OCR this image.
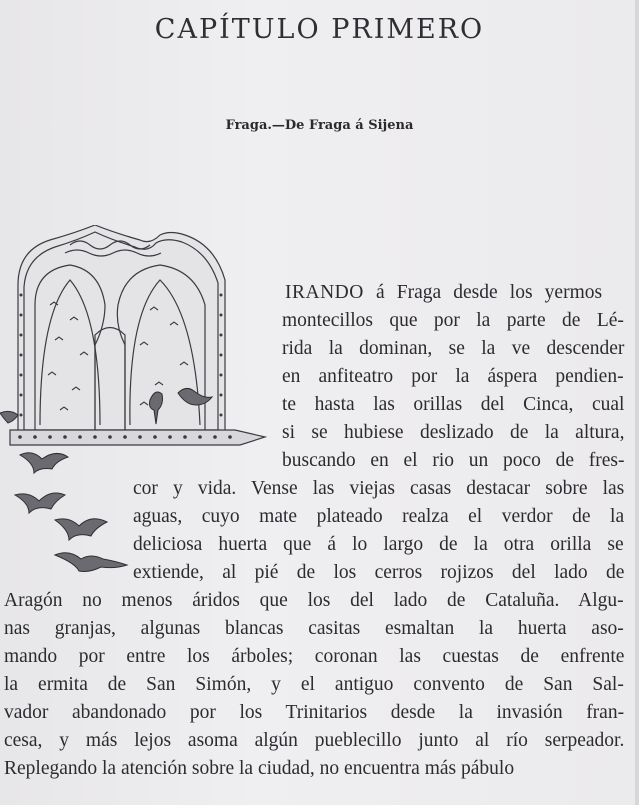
CAPÍTULO PRIMERO
Fraga.—De Fraga á Sijena
IRANDO á Fraga desde los yermos
montecillos que por la parte de Lé-
rida la dominan, se la ve descender
en anfiteatro por la áspera pendien-
te hasta las orillas del Cinca, cual
si se hubiese deslizado de la altura,
buscando en el rio un poco de fres-
cor y vida. Vense las viejas casas destacar sobre las
aguas, cuyo mate plateado realza el verdor de la
deliciosa huerta que á lo largo de la otra orilla se
extiende, al pié de los cerros rojizos del lado de
Aragón no menos áridos que los del lado de Cataluña. Algu-
nas granjas, algunas blancas casitas esmaltan la huerta aso-
mando por entre los árboles; coronan las cuestas de enfrente
la ermita de San Simón, y el antiguo convento de San Sal-
vador abandonado por los Trinitarios desde la invasión fran-
cesa, y más lejos asoma algún pueblecillo junto al río serpeador.
Replegando la atención sobre la ciudad, no encuentra más pábulo
